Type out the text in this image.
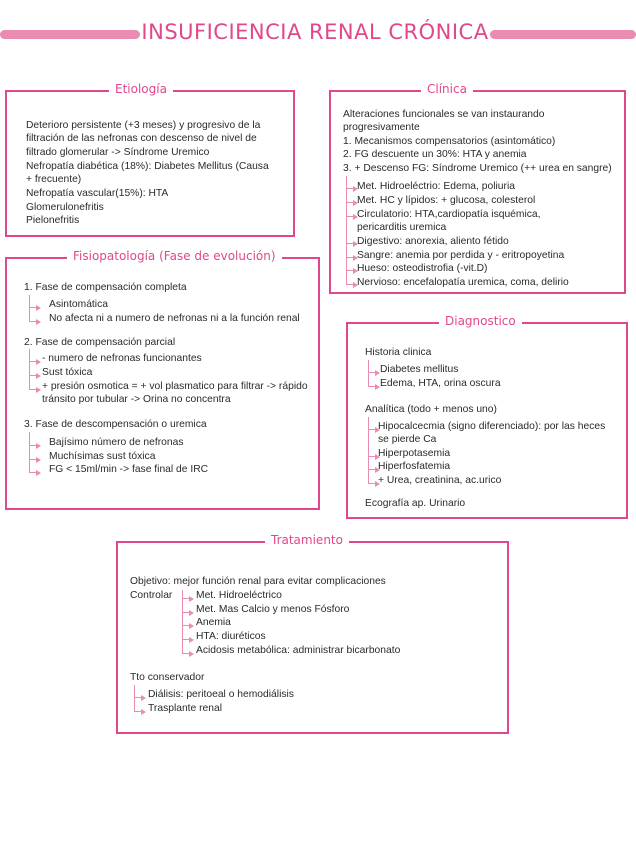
INSUFICIENCIA RENAL CRÓNICA
Etiología
Deterioro persistente (+3 meses) y progresivo de la
filtración de las nefronas con descenso de nivel de
filtrado glomerular -> Síndrome Uremico
Nefropatía diabética (18%): Diabetes Mellitus (Causa
+ frecuente)
Nefropatía vascular(15%): HTA
Glomerulonefritis
Pielonefritis
Clínica
Alteraciones funcionales se van instaurando
progresivamente
1. Mecanismos compensatorios (asintomático)
2. FG descuente un 30%: HTA y anemia
3. + Descenso FG: Síndrome Uremico (++ urea en sangre)
Met. Hidroeléctrio: Edema, poliuria
Met. HC y lípidos: + glucosa, colesterol
Circulatorio: HTA,cardiopatía isquémica,
pericarditis uremica
Digestivo: anorexia, aliento fétido
Sangre: anemia por perdida y - eritropoyetina
Hueso: osteodistrofia (-vit.D)
Nervioso: encefalopatía uremica, coma, delirio
Fisiopatología (Fase de evolución)
1. Fase de compensación completa
Asintomática
No afecta ni a numero de nefronas ni a la función renal
2. Fase de compensación parcial
- numero de nefronas funcionantes
Sust tóxica
+ presión osmotica = + vol plasmatico para filtrar -> rápido
tránsito por tubular -> Orina no concentra
3. Fase de descompensación o uremica
Bajísimo número de nefronas
Muchísimas sust tóxica
FG < 15ml/min -> fase final de IRC
Diagnostico
Historia clinica
Diabetes mellitus
Edema, HTA, orina oscura
Analítica (todo + menos uno)
Hipocalcecmia (signo diferenciado): por las heces
se pierde Ca
Hiperpotasemia
Hiperfosfatemia
+ Urea, creatinina, ac.urico
Ecografía ap. Urinario
Tratamiento
Objetivo: mejor función renal para evitar complicaciones
Controlar Met. Hidroeléctrico
Met. Mas Calcio y menos Fósforo
Anemia
HTA: diuréticos
Acidosis metabólica: administrar bicarbonato
Tto conservador
Diálisis: peritoeal o hemodiálisis
Trasplante renal
